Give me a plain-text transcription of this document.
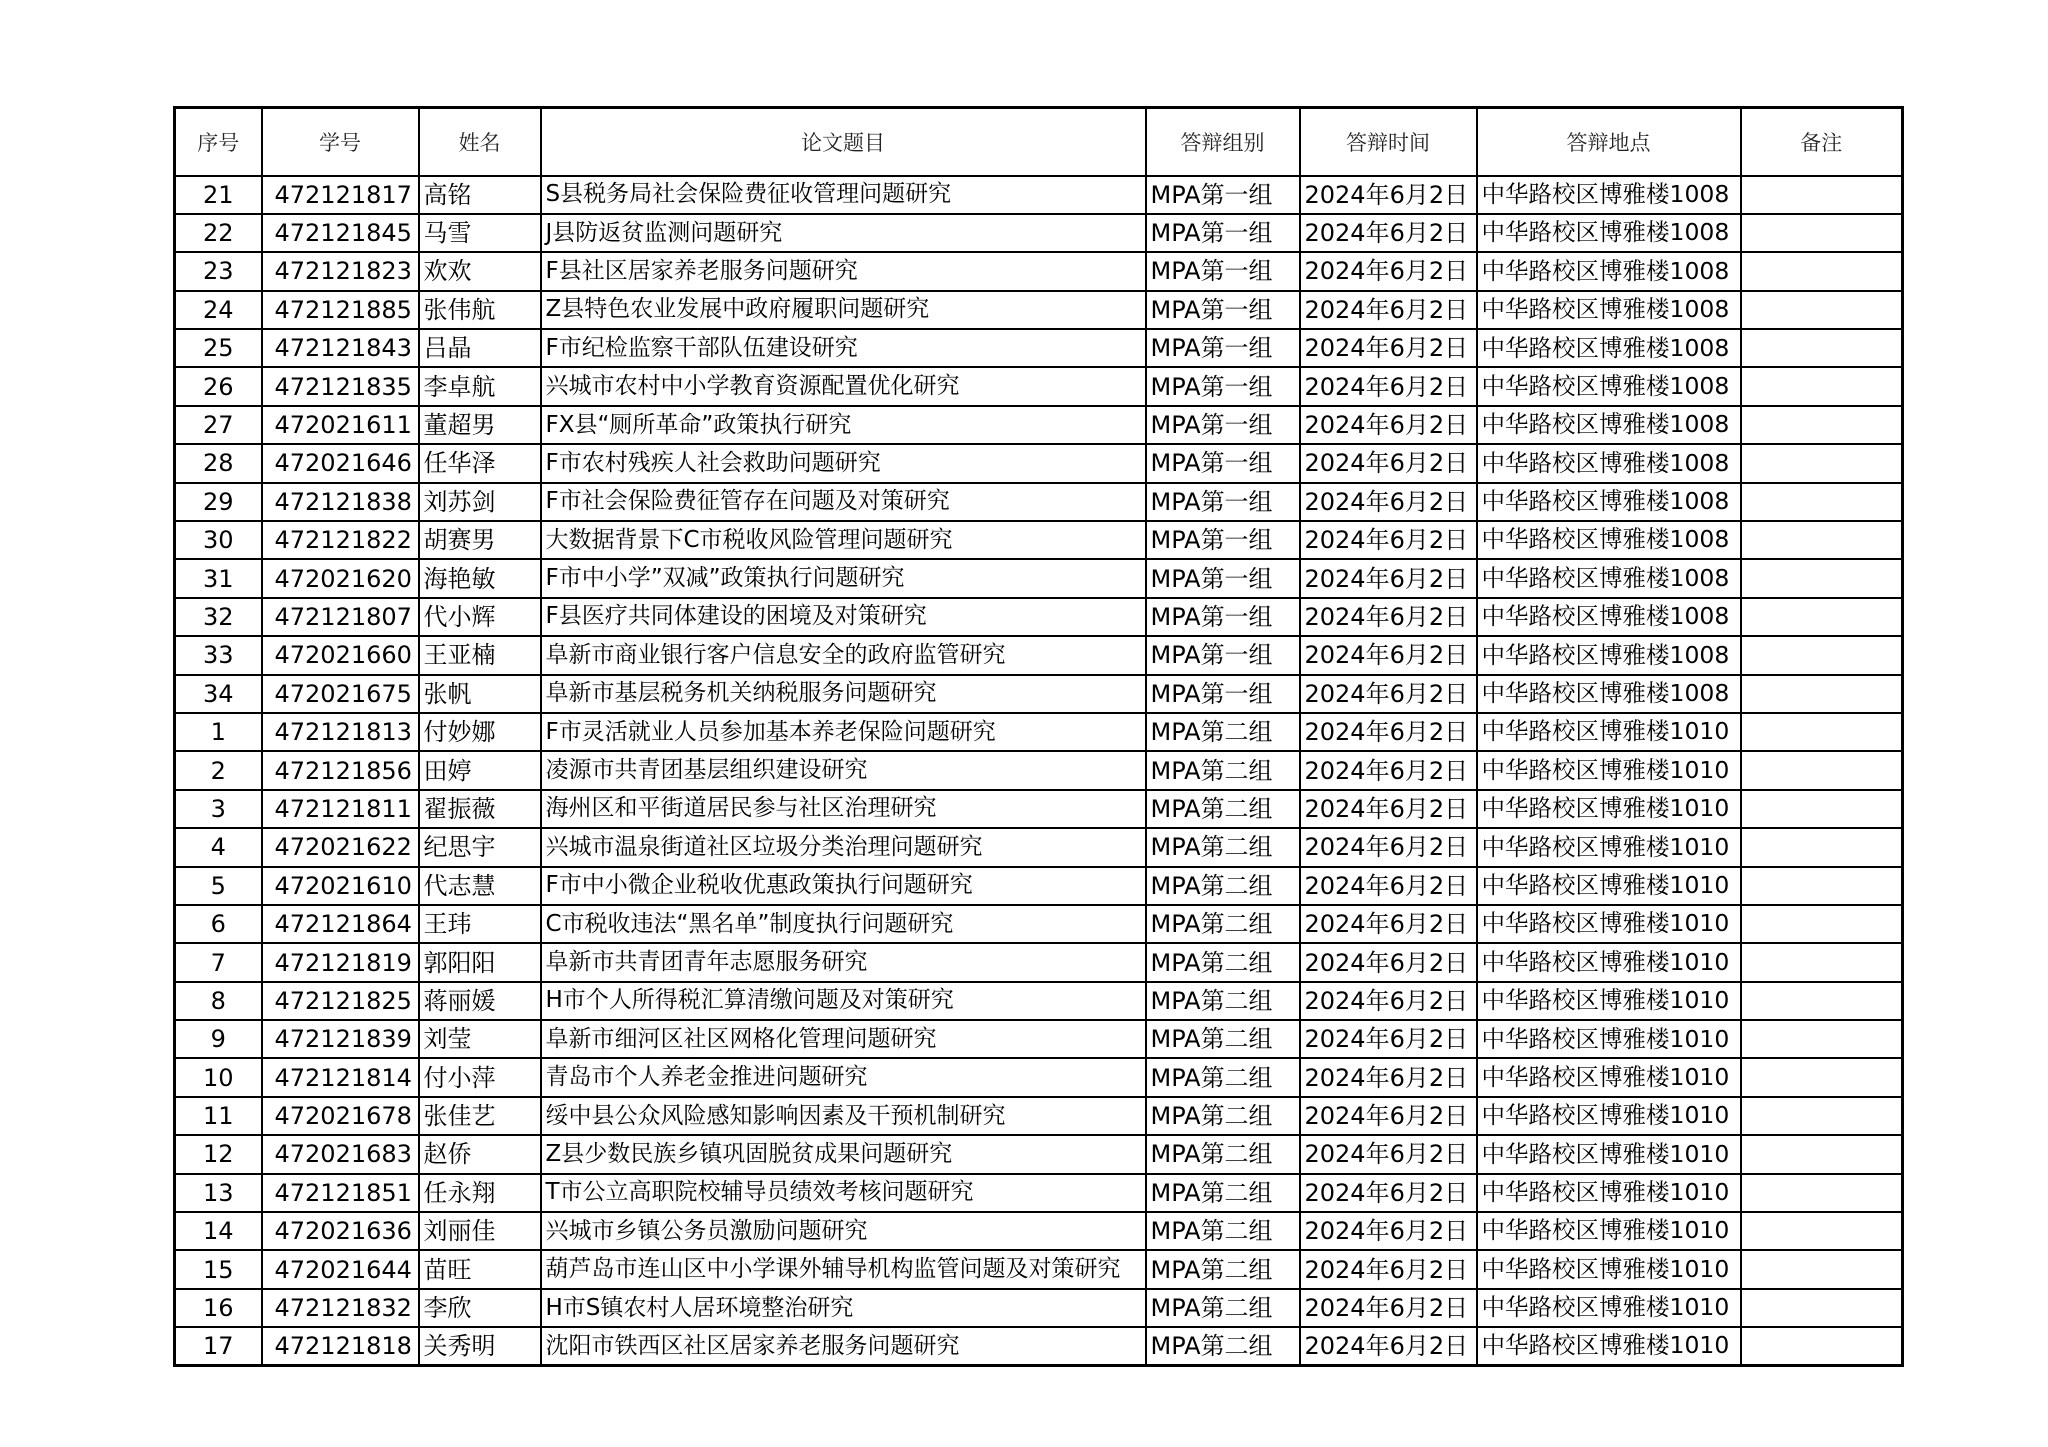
序号	学号	姓名	论文题目	答辩组别	答辩时间	答辩地点	备注
21	472121817	高铭	S县税务局社会保险费征收管理问题研究	MPA第一组	2024年6月2日	中华路校区博雅楼1008	
22	472121845	马雪	J县防返贫监测问题研究	MPA第一组	2024年6月2日	中华路校区博雅楼1008	
23	472121823	欢欢	F县社区居家养老服务问题研究	MPA第一组	2024年6月2日	中华路校区博雅楼1008	
24	472121885	张伟航	Z县特色农业发展中政府履职问题研究	MPA第一组	2024年6月2日	中华路校区博雅楼1008	
25	472121843	吕晶	F市纪检监察干部队伍建设研究	MPA第一组	2024年6月2日	中华路校区博雅楼1008	
26	472121835	李卓航	兴城市农村中小学教育资源配置优化研究	MPA第一组	2024年6月2日	中华路校区博雅楼1008	
27	472021611	董超男	FX县“厕所革命”政策执行研究	MPA第一组	2024年6月2日	中华路校区博雅楼1008	
28	472021646	任华泽	F市农村残疾人社会救助问题研究	MPA第一组	2024年6月2日	中华路校区博雅楼1008	
29	472121838	刘苏剑	F市社会保险费征管存在问题及对策研究	MPA第一组	2024年6月2日	中华路校区博雅楼1008	
30	472121822	胡赛男	大数据背景下C市税收风险管理问题研究	MPA第一组	2024年6月2日	中华路校区博雅楼1008	
31	472021620	海艳敏	F市中小学”双减”政策执行问题研究	MPA第一组	2024年6月2日	中华路校区博雅楼1008	
32	472121807	代小辉	F县医疗共同体建设的困境及对策研究	MPA第一组	2024年6月2日	中华路校区博雅楼1008	
33	472021660	王亚楠	阜新市商业银行客户信息安全的政府监管研究	MPA第一组	2024年6月2日	中华路校区博雅楼1008	
34	472021675	张帆	阜新市基层税务机关纳税服务问题研究	MPA第一组	2024年6月2日	中华路校区博雅楼1008	
1	472121813	付妙娜	F市灵活就业人员参加基本养老保险问题研究	MPA第二组	2024年6月2日	中华路校区博雅楼1010	
2	472121856	田婷	凌源市共青团基层组织建设研究	MPA第二组	2024年6月2日	中华路校区博雅楼1010	
3	472121811	翟振薇	海州区和平街道居民参与社区治理研究	MPA第二组	2024年6月2日	中华路校区博雅楼1010	
4	472021622	纪思宇	兴城市温泉街道社区垃圾分类治理问题研究	MPA第二组	2024年6月2日	中华路校区博雅楼1010	
5	472021610	代志慧	F市中小微企业税收优惠政策执行问题研究	MPA第二组	2024年6月2日	中华路校区博雅楼1010	
6	472121864	王玮	C市税收违法“黑名单”制度执行问题研究	MPA第二组	2024年6月2日	中华路校区博雅楼1010	
7	472121819	郭阳阳	阜新市共青团青年志愿服务研究	MPA第二组	2024年6月2日	中华路校区博雅楼1010	
8	472121825	蒋丽媛	H市个人所得税汇算清缴问题及对策研究	MPA第二组	2024年6月2日	中华路校区博雅楼1010	
9	472121839	刘莹	阜新市细河区社区网格化管理问题研究	MPA第二组	2024年6月2日	中华路校区博雅楼1010	
10	472121814	付小萍	青岛市个人养老金推进问题研究	MPA第二组	2024年6月2日	中华路校区博雅楼1010	
11	472021678	张佳艺	绥中县公众风险感知影响因素及干预机制研究	MPA第二组	2024年6月2日	中华路校区博雅楼1010	
12	472021683	赵侨	Z县少数民族乡镇巩固脱贫成果问题研究	MPA第二组	2024年6月2日	中华路校区博雅楼1010	
13	472121851	任永翔	T市公立高职院校辅导员绩效考核问题研究	MPA第二组	2024年6月2日	中华路校区博雅楼1010	
14	472021636	刘丽佳	兴城市乡镇公务员激励问题研究	MPA第二组	2024年6月2日	中华路校区博雅楼1010	
15	472021644	苗旺	葫芦岛市连山区中小学课外辅导机构监管问题及对策研究	MPA第二组	2024年6月2日	中华路校区博雅楼1010	
16	472121832	李欣	H市S镇农村人居环境整治研究	MPA第二组	2024年6月2日	中华路校区博雅楼1010	
17	472121818	关秀明	沈阳市铁西区社区居家养老服务问题研究	MPA第二组	2024年6月2日	中华路校区博雅楼1010	
